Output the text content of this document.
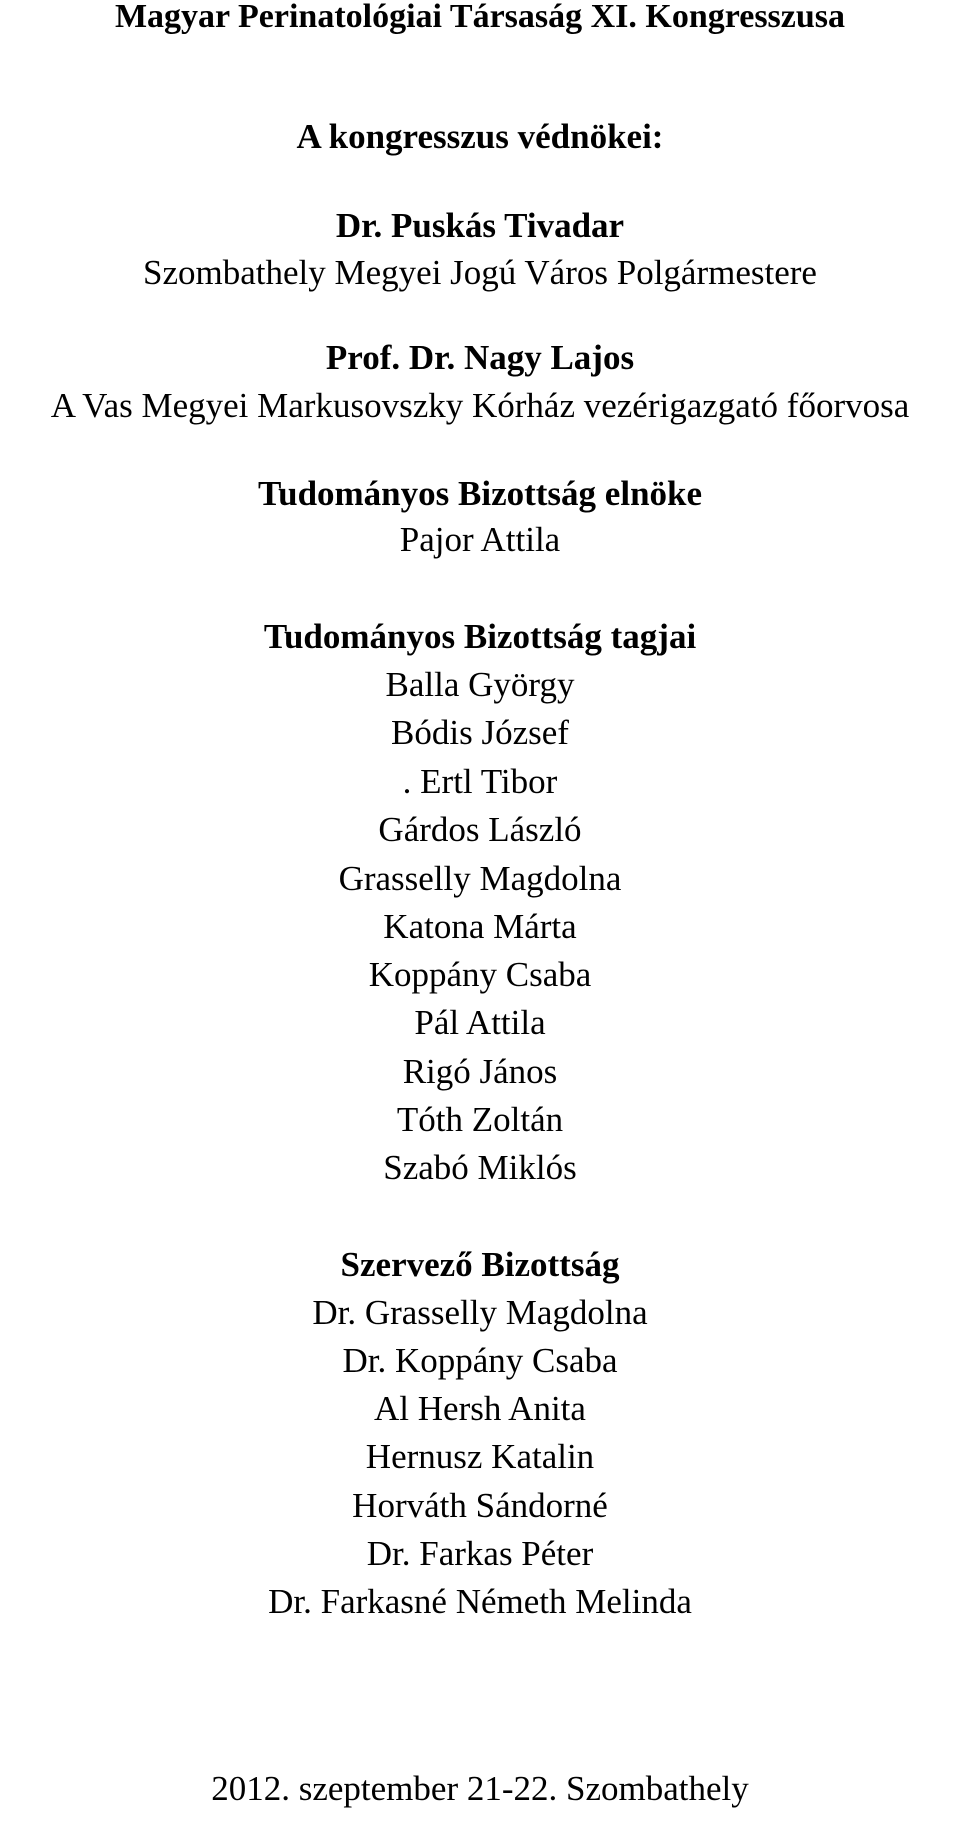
Magyar Perinatológiai Társaság XI. Kongresszusa
A kongresszus védnökei:
Dr. Puskás Tivadar
Szombathely Megyei Jogú Város Polgármestere
Prof. Dr. Nagy Lajos
A Vas Megyei Markusovszky Kórház vezérigazgató főorvosa
Tudományos Bizottság elnöke
Pajor Attila
Tudományos Bizottság tagjai
Balla György
Bódis József
. Ertl Tibor
Gárdos László
Grasselly Magdolna
Katona Márta
Koppány Csaba
Pál Attila
Rigó János
Tóth Zoltán
Szabó Miklós
Szervező Bizottság
Dr. Grasselly Magdolna
Dr. Koppány Csaba
Al Hersh Anita
Hernusz Katalin
Horváth Sándorné
Dr. Farkas Péter
Dr. Farkasné Németh Melinda
2012. szeptember 21-22. Szombathely
